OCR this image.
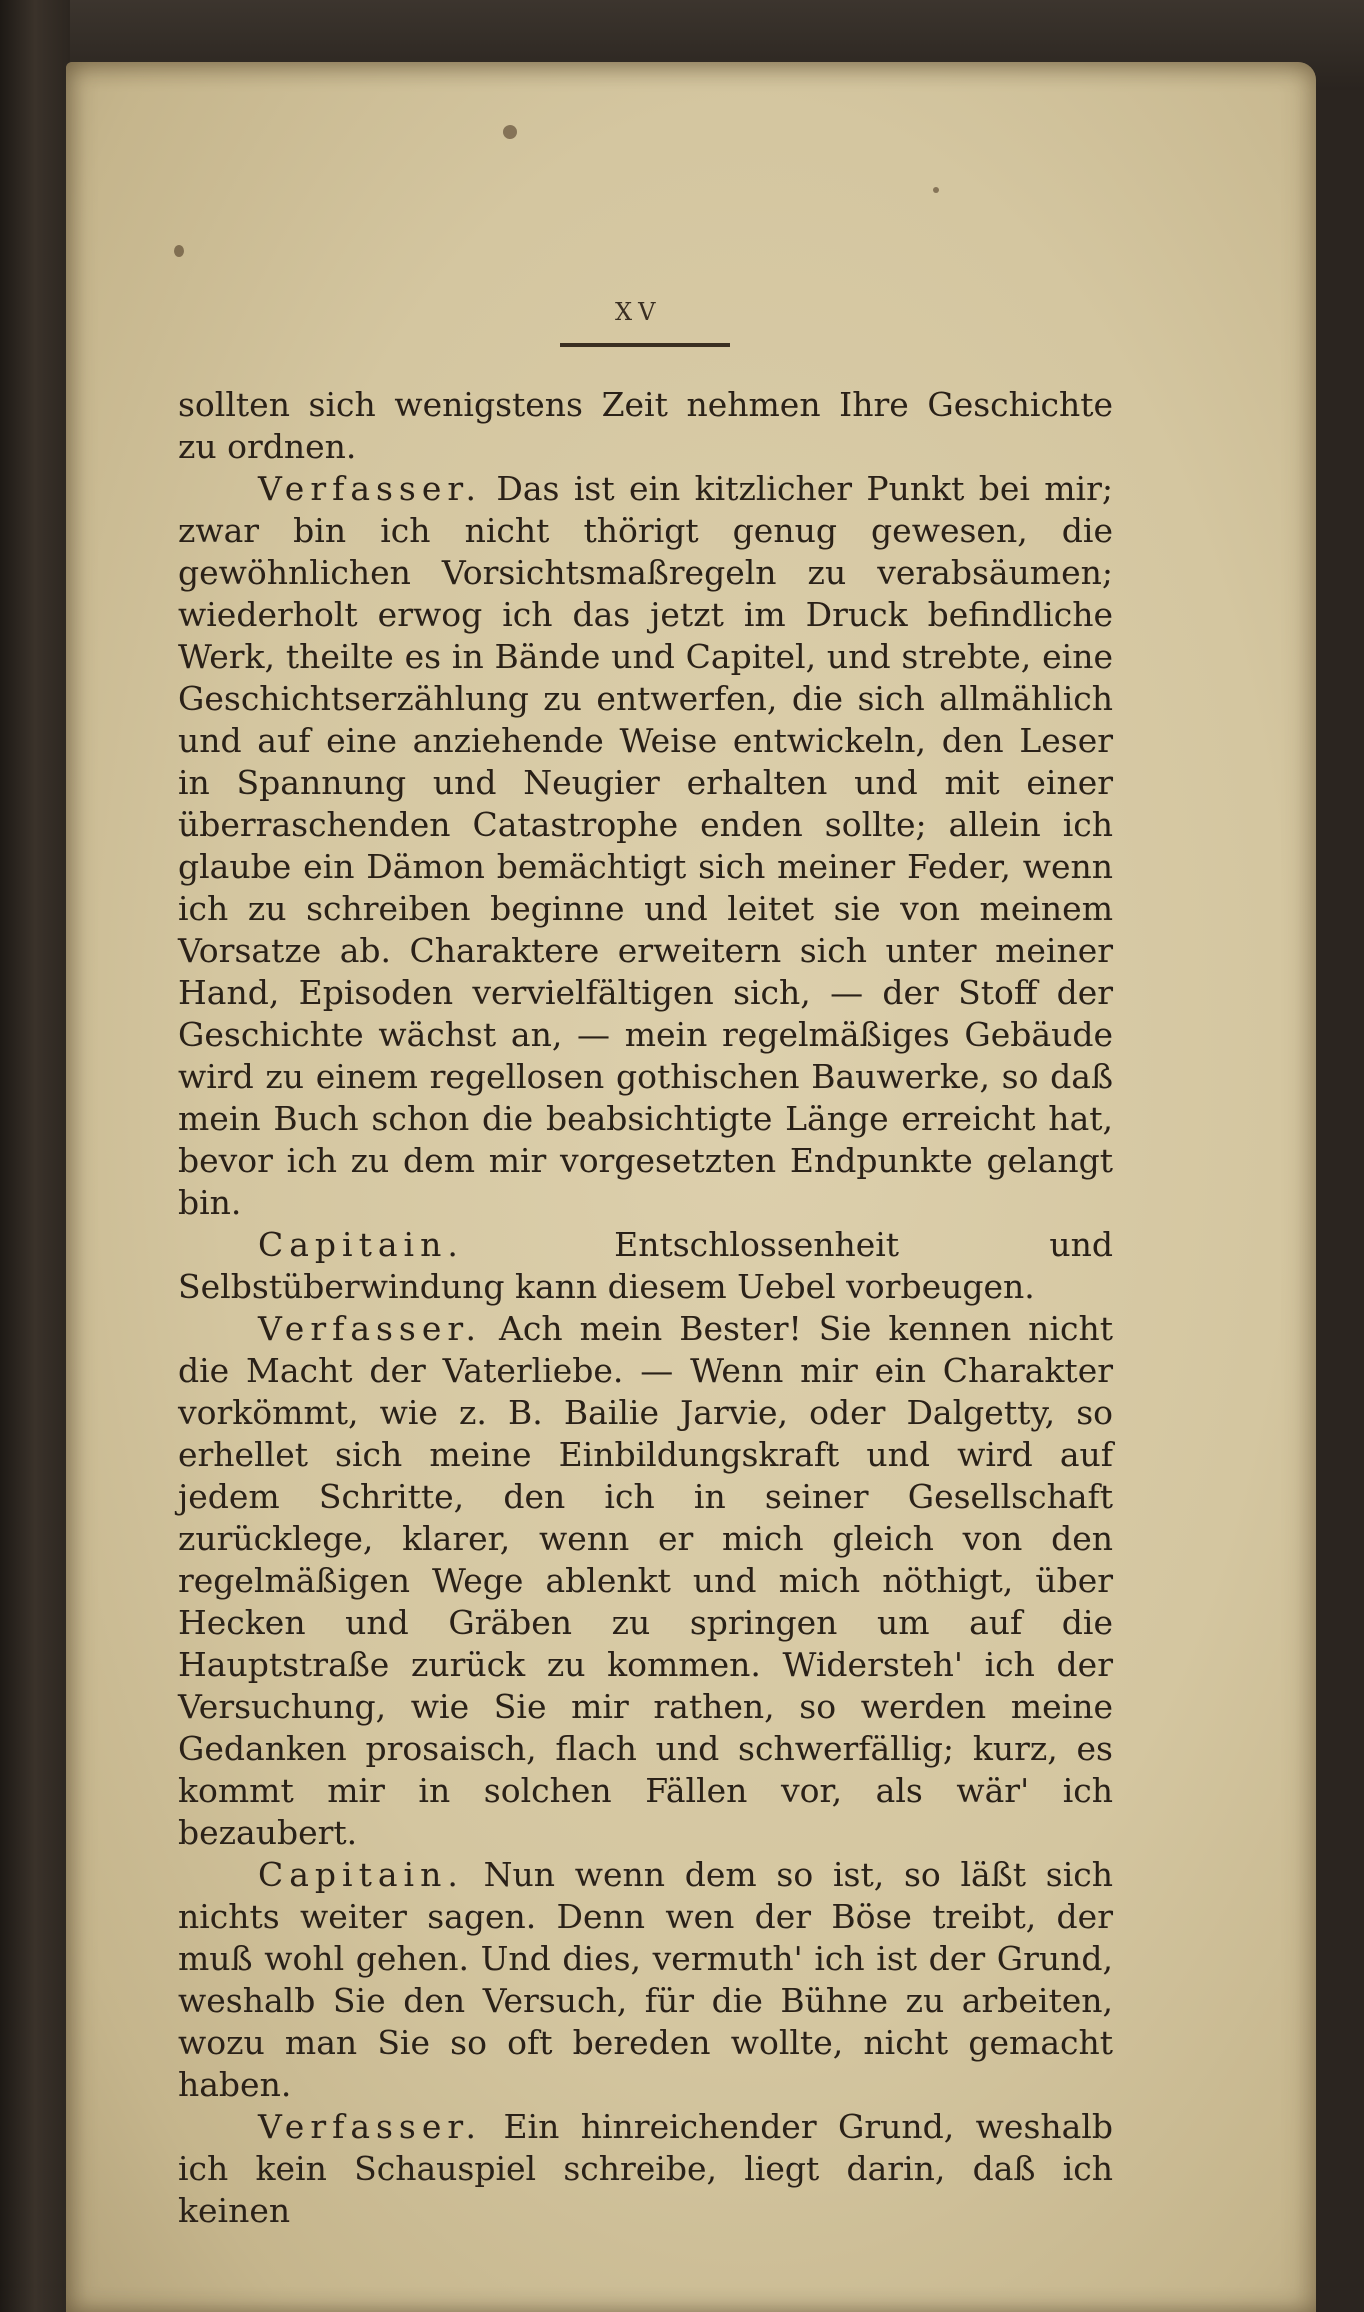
XV

sollten sich wenigstens Zeit nehmen Ihre Geschichte zu ordnen.

Verfasser. Das ist ein kitzlicher Punkt bei mir; zwar bin ich nicht thörigt genug gewesen, die gewöhnlichen Vorsichtsmaßregeln zu verabsäumen; wiederholt erwog ich das jetzt im Druck befindliche Werk, theilte es in Bände und Capitel, und strebte, eine Geschichtserzählung zu entwerfen, die sich allmählich und auf eine anziehende Weise entwickeln, den Leser in Spannung und Neugier erhalten und mit einer überraschenden Catastrophe enden sollte; allein ich glaube ein Dämon bemächtigt sich meiner Feder, wenn ich zu schreiben beginne und leitet sie von meinem Vorsatze ab. Charaktere erweitern sich unter meiner Hand, Episoden vervielfältigen sich, — der Stoff der Geschichte wächst an, — mein regelmäßiges Gebäude wird zu einem regellosen gothischen Bauwerke, so daß mein Buch schon die beabsichtigte Länge erreicht hat, bevor ich zu dem mir vorgesetzten Endpunkte gelangt bin.

Capitain.	Entschlossenheit und Selbstüberwindung kann diesem Uebel vorbeugen.

Verfasser. Ach mein Bester! Sie kennen nicht die Macht der Vaterliebe. — Wenn mir ein Charakter vorkömmt, wie z. B. Bailie Jarvie, oder Dalgetty, so erhellet sich meine Einbildungskraft und wird auf jedem Schritte, den ich in seiner Gesellschaft zurücklege, klarer, wenn er mich gleich von den regelmäßigen Wege ablenkt und mich nöthigt, über Hecken und Gräben zu springen um auf die Hauptstraße zurück zu kommen. Widersteh' ich der Versuchung, wie Sie mir rathen, so werden meine Gedanken prosaisch, flach und schwerfällig; kurz, es kommt mir in solchen Fällen vor, als wär' ich bezaubert.

Capitain. Nun wenn dem so ist, so läßt sich nichts weiter sagen. Denn wen der Böse treibt, der muß wohl gehen. Und dies, vermuth' ich ist der Grund, weshalb Sie den Versuch, für die Bühne zu arbeiten, wozu man Sie so oft bereden wollte, nicht gemacht haben.

Verfasser. Ein hinreichender Grund, weshalb ich kein Schauspiel schreibe, liegt darin, daß ich keinen
